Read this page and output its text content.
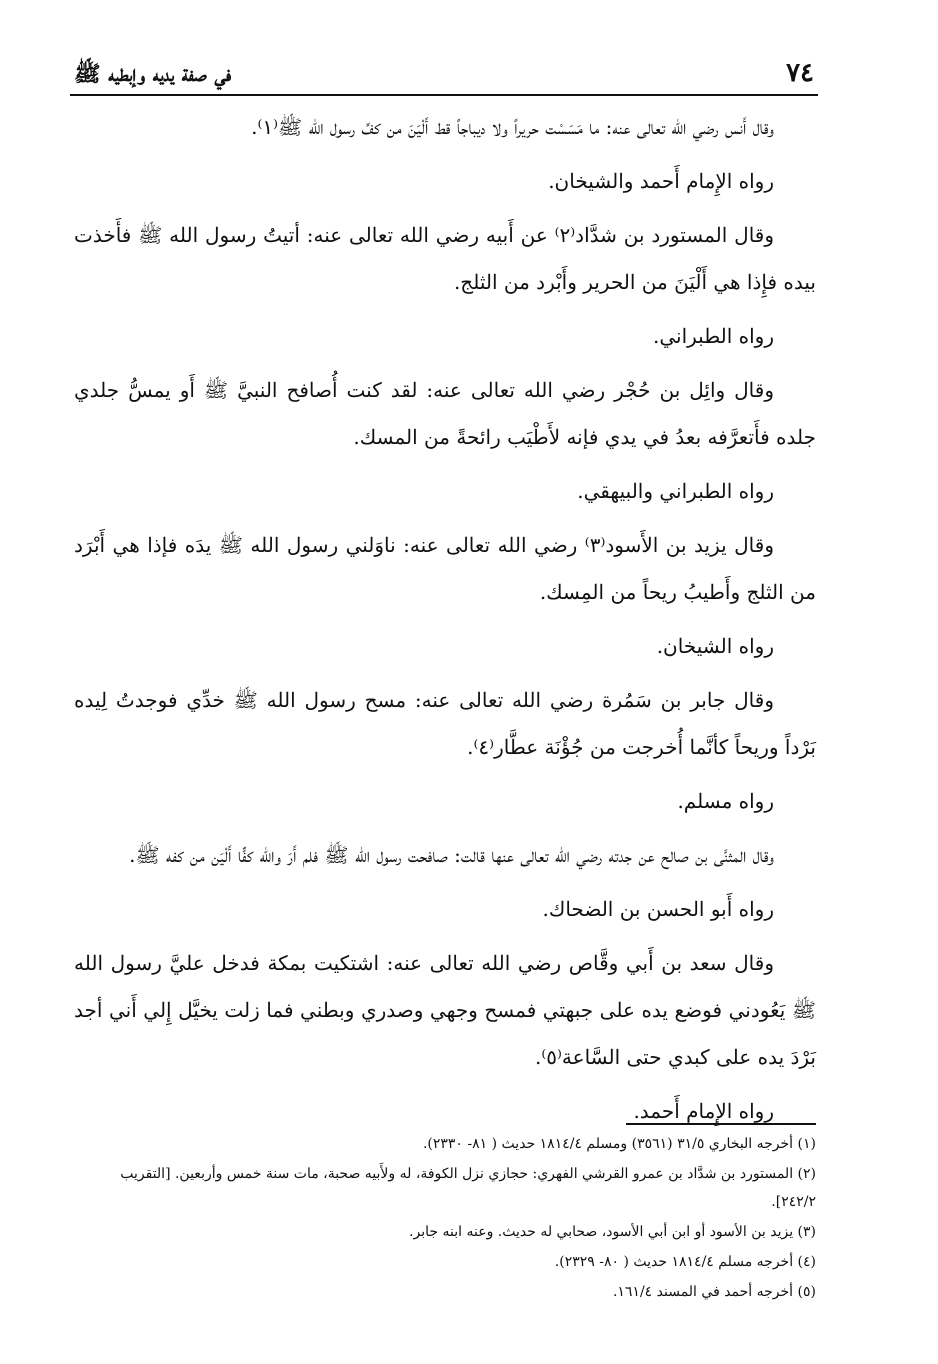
٧٤
في صفة يديه وإبطيه ﷺ

وقال أَنس رضي الله تعالى عنه: ما مَسَسْت حريراً ولا ديباجاً قط أَلْيَنَ من كفِّ رسول الله ﷺ⁽١⁾.

رواه الإِمام أَحمد والشيخان.

وقال المستورد بن شدَّاد⁽٢⁾ عن أَبيه رضي الله تعالى عنه: أتيتُ رسول الله ﷺ فأَخذت بيده فإِذا هي أَلْيَنَ من الحرير وأَبْرد من الثلج.

رواه الطبراني.

وقال وائِل بن حُجْر رضي الله تعالى عنه: لقد كنت أُصافح النبيَّ ﷺ أَو يمسُّ جلدي جلده فأَتعرَّفه بعدُ في يدي فإنه لأَطْيَب رائحةً من المسك.

رواه الطبراني والبيهقي.

وقال يزيد بن الأَسود⁽٣⁾ رضي الله تعالى عنه: ناوَلني رسول الله ﷺ يدَه فإذا هي أَبْرَد من الثلج وأَطيبُ ريحاً من المِسك.

رواه الشيخان.

وقال جابر بن سَمُرة رضي الله تعالى عنه: مسح رسول الله ﷺ خدِّي فوجدتُ لِيده بَرْداً وريحاً كأنَّما أُخرجت من جُؤْنَة عطَّار⁽٤⁾.

رواه مسلم.

وقال المثنَّى بن صالح عن جدته رضي الله تعالى عنها قالت: صافحت رسول الله ﷺ فلم أَرَ والله كفًّا أَلْيَن من كفه ﷺ.

رواه أَبو الحسن بن الضحاك.

وقال سعد بن أَبي وقَّاص رضي الله تعالى عنه: اشتكيت بمكة فدخل عليَّ رسول الله ﷺ يَعُودني فوضع يده على جبهتي فمسح وجهي وصدري وبطني فما زلت يخيَّل إِلي أَني أجد بَرْدَ يده على كبدي حتى السَّاعة⁽٥⁾.

رواه الإِمام أَحمد.

(١) أخرجه البخاري ٣١/٥ (٣٥٦١) ومسلم ١٨١٤/٤ حديث ( ٨١- ٢٣٣٠).

(٢) المستورد بن شدَّاد بن عمرو القرشي الفهري: حجازي نزل الكوفة، له ولأَبيه صحبة، مات سنة خمس وأربعين. [التقريب ٢٤٢/٢].

(٣) يزيد بن الأسود أو ابن أبي الأسود، صحابي له حديث. وعنه ابنه جابر.

(٤) أخرجه مسلم ١٨١٤/٤ حديث ( ٨٠- ٢٣٢٩).

(٥) أخرجه أحمد في المسند ١٦١/٤.
